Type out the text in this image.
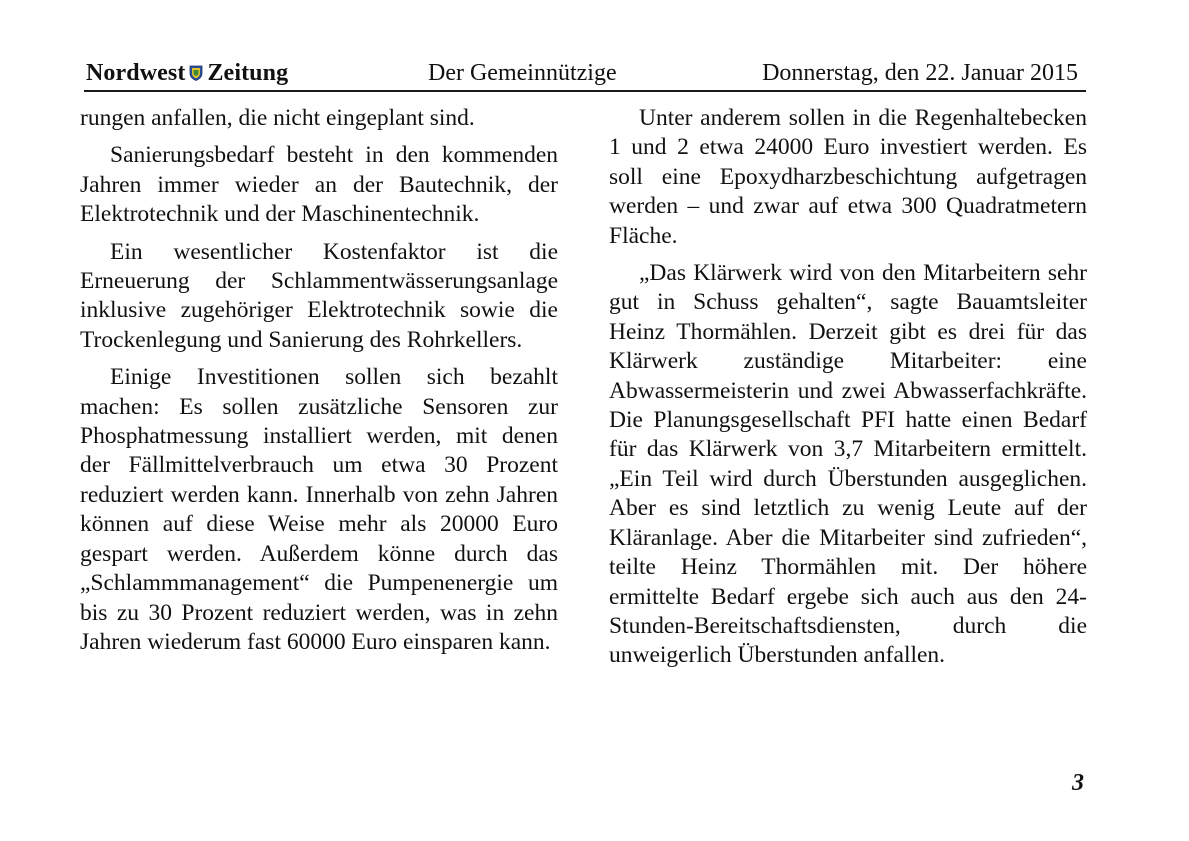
Nordwest Zeitung	Der Gemeinnützige	Donnerstag, den 22. Januar 2015

rungen anfallen, die nicht eingeplant sind.

Sanierungsbedarf besteht in den kommenden Jahren immer wieder an der Bautechnik, der Elektrotechnik und der Maschinentechnik.

Ein wesentlicher Kostenfaktor ist die Erneuerung der Schlammentwässerungsanlage inklusive zugehöriger Elektrotechnik sowie die Trockenlegung und Sanierung des Rohrkellers.

Einige Investitionen sollen sich bezahlt machen: Es sollen zusätzliche Sensoren zur Phosphatmessung installiert werden, mit denen der Fällmittelverbrauch um etwa 30 Prozent reduziert werden kann. Innerhalb von zehn Jahren können auf diese Weise mehr als 20000 Euro gespart werden. Außerdem könne durch das „Schlammmanagement“ die Pumpenenergie um bis zu 30 Prozent reduziert werden, was in zehn Jahren wiederum fast 60000 Euro einsparen kann.

Unter anderem sollen in die Regenhaltebecken 1 und 2 etwa 24000 Euro investiert werden. Es soll eine Epoxydharzbeschichtung aufgetragen werden – und zwar auf etwa 300 Quadratmetern Fläche.

„Das Klärwerk wird von den Mitarbeitern sehr gut in Schuss gehalten“, sagte Bauamtsleiter Heinz Thormählen. Derzeit gibt es drei für das Klärwerk zuständige Mitarbeiter: eine Abwassermeisterin und zwei Abwasserfachkräfte. Die Planungsgesellschaft PFI hatte einen Bedarf für das Klärwerk von 3,7 Mitarbeitern ermittelt. „Ein Teil wird durch Überstunden ausgeglichen. Aber es sind letztlich zu wenig Leute auf der Kläranlage. Aber die Mitarbeiter sind zufrieden“, teilte Heinz Thormählen mit. Der höhere ermittelte Bedarf ergebe sich auch aus den 24-Stunden-Bereitschaftsdiensten, durch die unweigerlich Überstunden anfallen.

3
